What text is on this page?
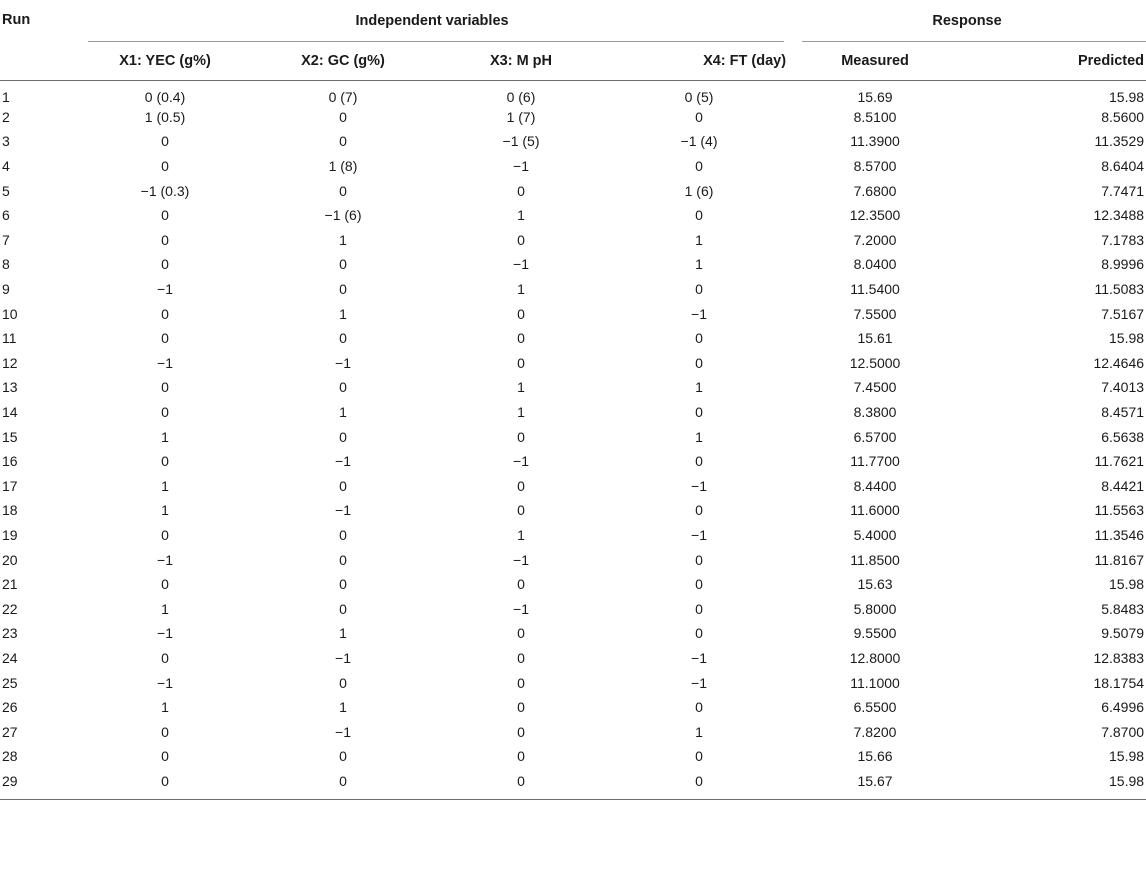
Run	Independent variables				Response	
	X1: YEC (g%)	X2: GC (g%)	X3: M pH	X4: FT (day)	Measured	Predicted
1	0 (0.4)	0 (7)	0 (6)	0 (5)	15.69	15.98
2	1 (0.5)	0	1 (7)	0	8.5100	8.5600
3	0	0	−1 (5)	−1 (4)	11.3900	11.3529
4	0	1 (8)	−1	0	8.5700	8.6404
5	−1 (0.3)	0	0	1 (6)	7.6800	7.7471
6	0	−1 (6)	1	0	12.3500	12.3488
7	0	1	0	1	7.2000	7.1783
8	0	0	−1	1	8.0400	8.9996
9	−1	0	1	0	11.5400	11.5083
10	0	1	0	−1	7.5500	7.5167
11	0	0	0	0	15.61	15.98
12	−1	−1	0	0	12.5000	12.4646
13	0	0	1	1	7.4500	7.4013
14	0	1	1	0	8.3800	8.4571
15	1	0	0	1	6.5700	6.5638
16	0	−1	−1	0	11.7700	11.7621
17	1	0	0	−1	8.4400	8.4421
18	1	−1	0	0	11.6000	11.5563
19	0	0	1	−1	5.4000	11.3546
20	−1	0	−1	0	11.8500	11.8167
21	0	0	0	0	15.63	15.98
22	1	0	−1	0	5.8000	5.8483
23	−1	1	0	0	9.5500	9.5079
24	0	−1	0	−1	12.8000	12.8383
25	−1	0	0	−1	11.1000	18.1754
26	1	1	0	0	6.5500	6.4996
27	0	−1	0	1	7.8200	7.8700
28	0	0	0	0	15.66	15.98
29	0	0	0	0	15.67	15.98
